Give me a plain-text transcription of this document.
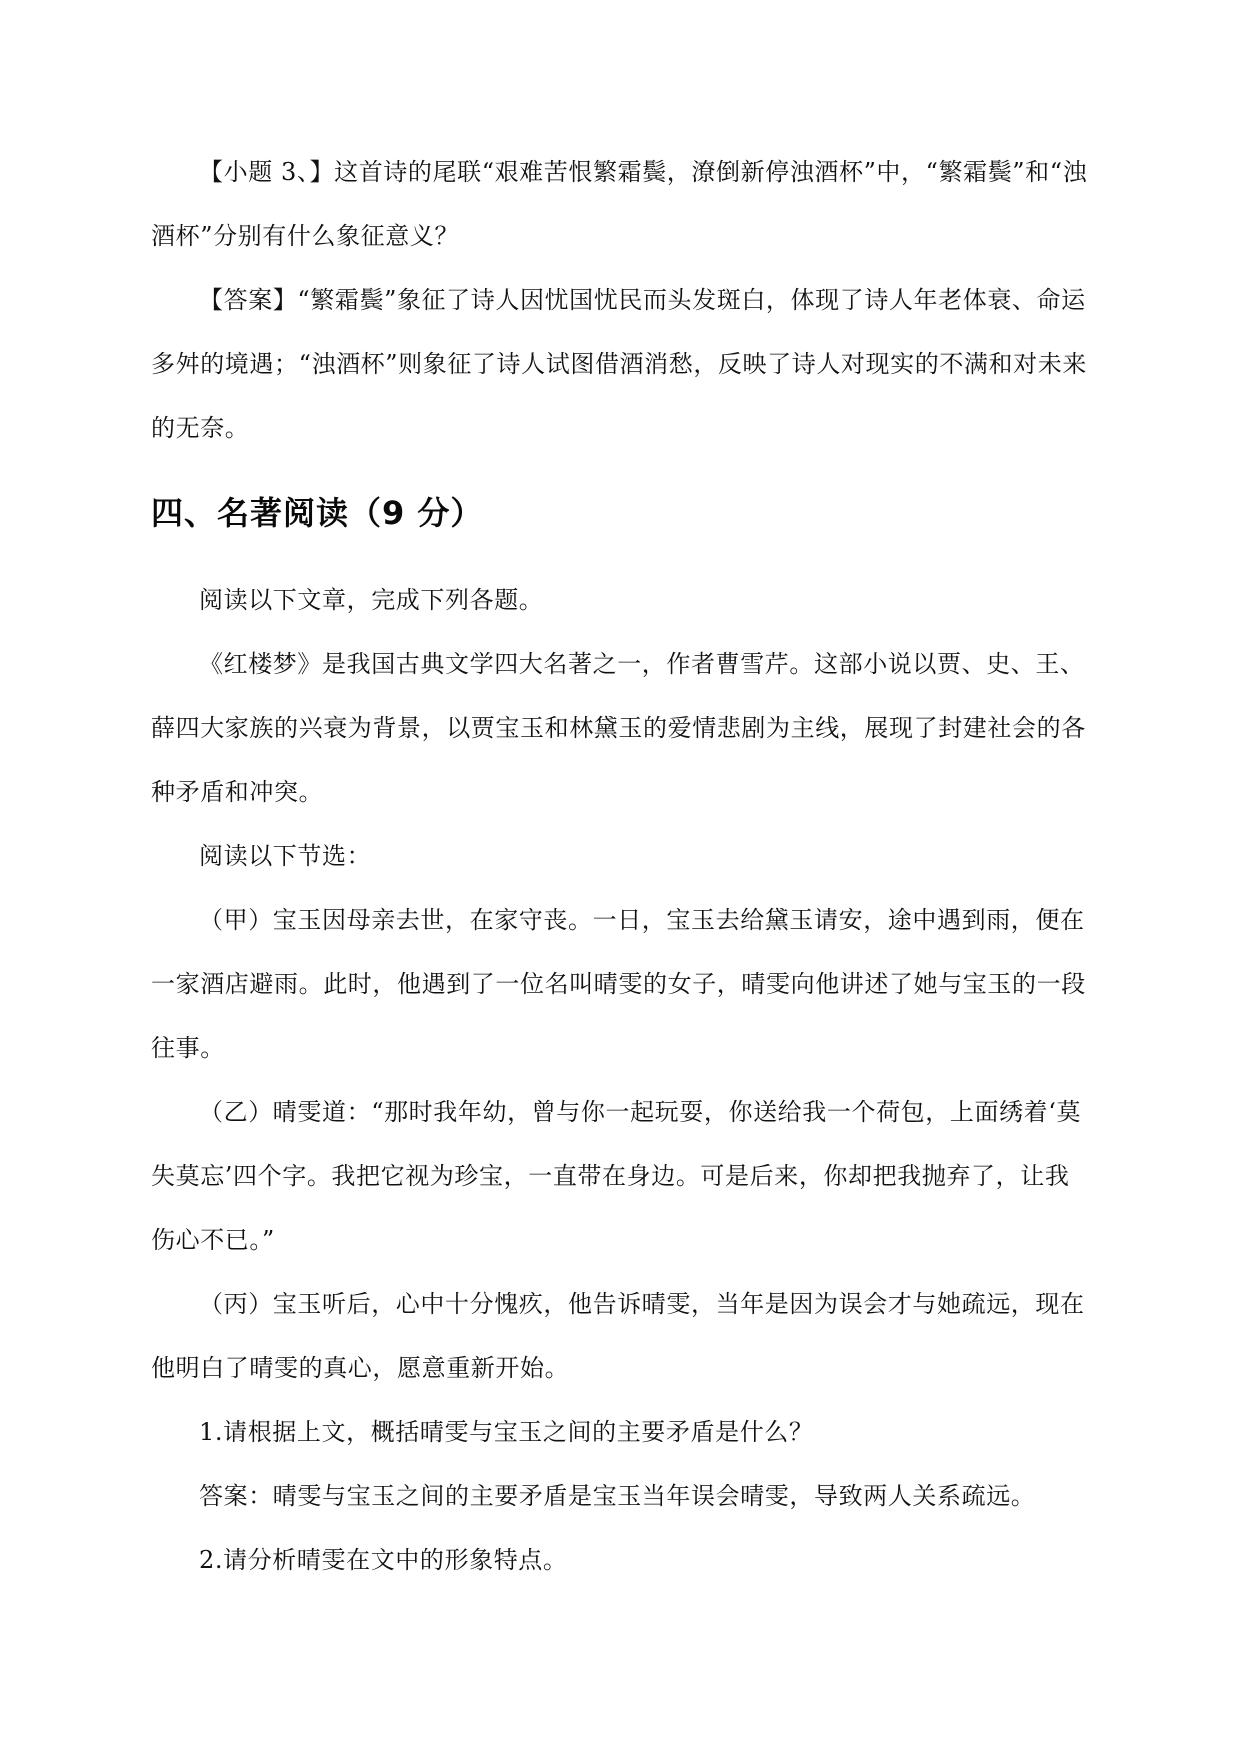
【小题 3、】这首诗的尾联“艰难苦恨繁霜鬓，潦倒新停浊酒杯”中，“繁霜鬓”和“浊酒杯”分别有什么象征意义？

【答案】“繁霜鬓”象征了诗人因忧国忧民而头发斑白，体现了诗人年老体衰、命运多舛的境遇；“浊酒杯”则象征了诗人试图借酒消愁，反映了诗人对现实的不满和对未来的无奈。

四、名著阅读（9 分）

阅读以下文章，完成下列各题。

《红楼梦》是我国古典文学四大名著之一，作者曹雪芹。这部小说以贾、史、王、薛四大家族的兴衰为背景，以贾宝玉和林黛玉的爱情悲剧为主线，展现了封建社会的各种矛盾和冲突。

阅读以下节选：

（甲）宝玉因母亲去世，在家守丧。一日，宝玉去给黛玉请安，途中遇到雨，便在一家酒店避雨。此时，他遇到了一位名叫晴雯的女子，晴雯向他讲述了她与宝玉的一段往事。

（乙）晴雯道：“那时我年幼，曾与你一起玩耍，你送给我一个荷包，上面绣着‘莫失莫忘’四个字。我把它视为珍宝，一直带在身边。可是后来，你却把我抛弃了，让我伤心不已。”

（丙）宝玉听后，心中十分愧疚，他告诉晴雯，当年是因为误会才与她疏远，现在他明白了晴雯的真心，愿意重新开始。

1.请根据上文，概括晴雯与宝玉之间的主要矛盾是什么？

答案：晴雯与宝玉之间的主要矛盾是宝玉当年误会晴雯，导致两人关系疏远。

2.请分析晴雯在文中的形象特点。
